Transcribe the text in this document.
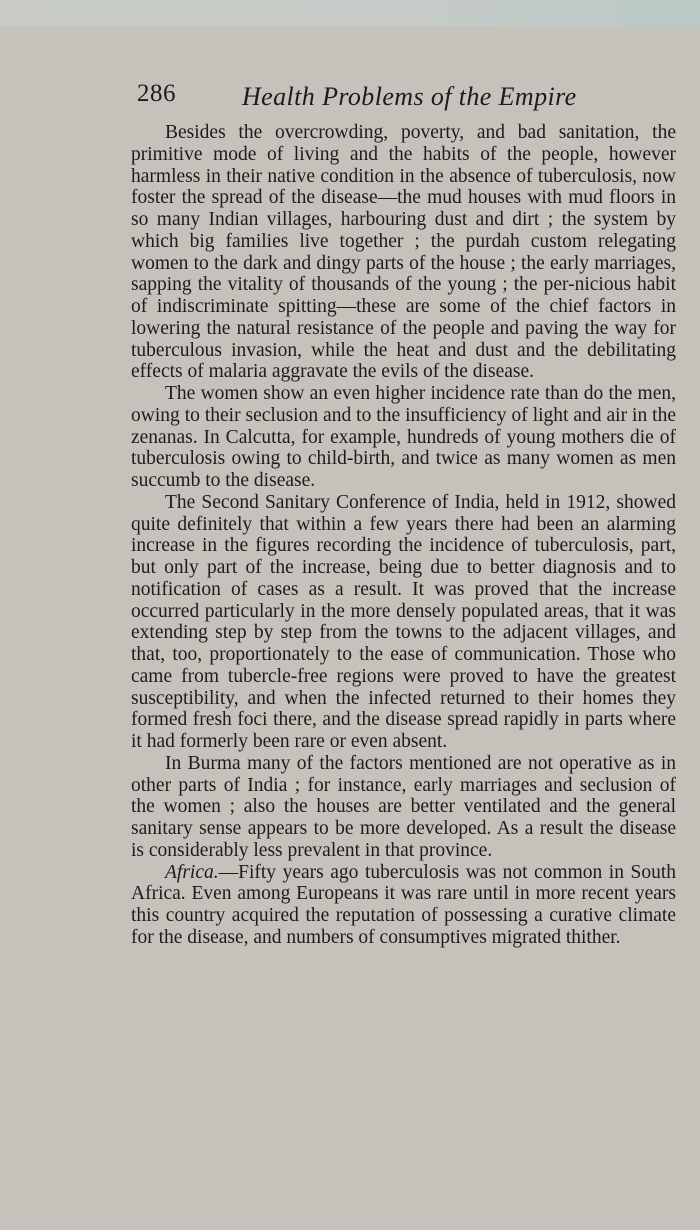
286	Health Problems of the Empire

Besides the overcrowding, poverty, and bad sanitation, the primitive mode of living and the habits of the people, however harmless in their native condition in the absence of tuberculosis, now foster the spread of the disease—the mud houses with mud floors in so many Indian villages, harbouring dust and dirt ; the system by which big families live together ; the purdah custom relegating women to the dark and dingy parts of the house ; the early marriages, sapping the vitality of thousands of the young ; the per-nicious habit of indiscriminate spitting—these are some of the chief factors in lowering the natural resistance of the people and paving the way for tuberculous invasion, while the heat and dust and the debilitating effects of malaria aggravate the evils of the disease.

The women show an even higher incidence rate than do the men, owing to their seclusion and to the insufficiency of light and air in the zenanas. In Calcutta, for example, hundreds of young mothers die of tuberculosis owing to child-birth, and twice as many women as men succumb to the disease.

The Second Sanitary Conference of India, held in 1912, showed quite definitely that within a few years there had been an alarming increase in the figures recording the incidence of tuberculosis, part, but only part of the increase, being due to better diagnosis and to notification of cases as a result. It was proved that the increase occurred particularly in the more densely populated areas, that it was extending step by step from the towns to the adjacent villages, and that, too, proportionately to the ease of communication. Those who came from tubercle-free regions were proved to have the greatest susceptibility, and when the infected returned to their homes they formed fresh foci there, and the disease spread rapidly in parts where it had formerly been rare or even absent.

In Burma many of the factors mentioned are not operative as in other parts of India ; for instance, early marriages and seclusion of the women ; also the houses are better ventilated and the general sanitary sense appears to be more developed. As a result the disease is considerably less prevalent in that province.

Africa.—Fifty years ago tuberculosis was not common in South Africa. Even among Europeans it was rare until in more recent years this country acquired the reputation of possessing a curative climate for the disease, and numbers of consumptives migrated thither.
